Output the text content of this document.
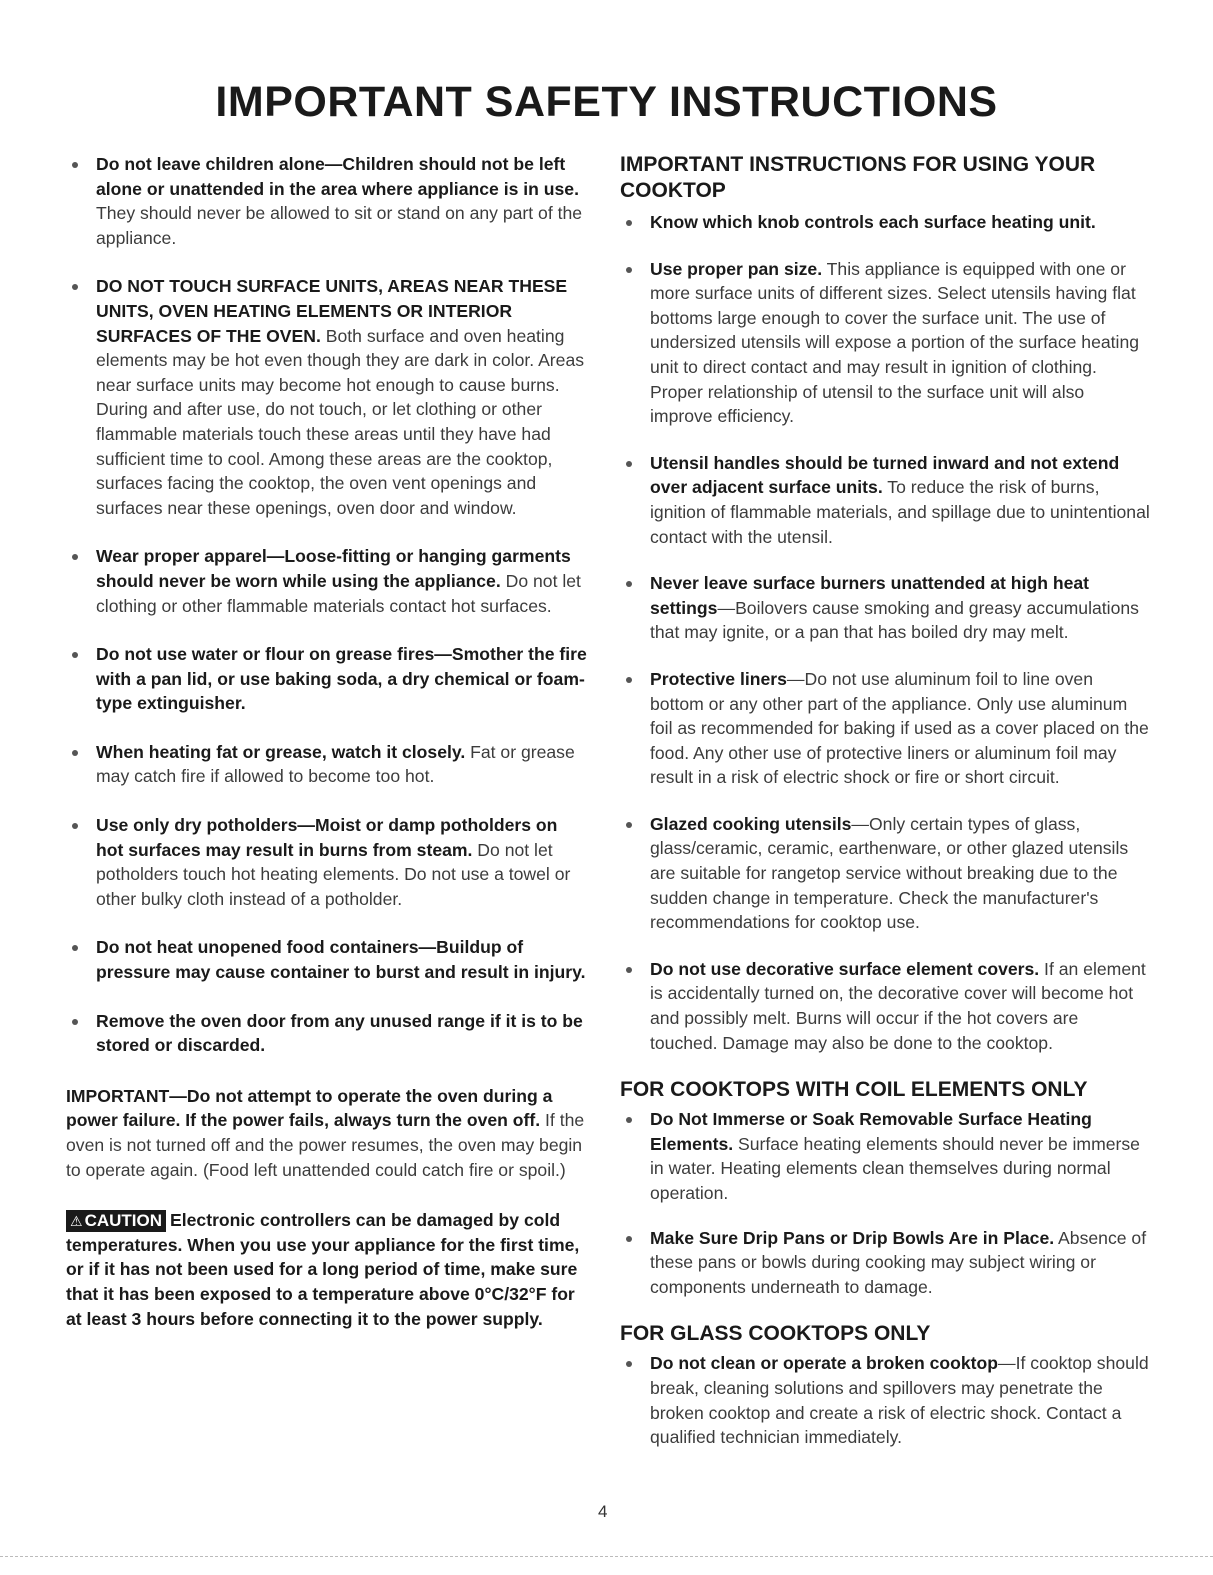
IMPORTANT SAFETY INSTRUCTIONS
Do not leave children alone—Children should not be left alone or unattended in the area where appliance is in use. They should never be allowed to sit or stand on any part of the appliance.
DO NOT TOUCH SURFACE UNITS, AREAS NEAR THESE UNITS, OVEN HEATING ELEMENTS OR INTERIOR SURFACES OF THE OVEN. Both surface and oven heating elements may be hot even though they are dark in color. Areas near surface units may become hot enough to cause burns. During and after use, do not touch, or let clothing or other flammable materials touch these areas until they have had sufficient time to cool. Among these areas are the cooktop, surfaces facing the cooktop, the oven vent openings and surfaces near these openings, oven door and window.
Wear proper apparel—Loose-fitting or hanging garments should never be worn while using the appliance. Do not let clothing or other flammable materials contact hot surfaces.
Do not use water or flour on grease fires—Smother the fire with a pan lid, or use baking soda, a dry chemical or foam-type extinguisher.
When heating fat or grease, watch it closely. Fat or grease may catch fire if allowed to become too hot.
Use only dry potholders—Moist or damp potholders on hot surfaces may result in burns from steam. Do not let potholders touch hot heating elements. Do not use a towel or other bulky cloth instead of a potholder.
Do not heat unopened food containers—Buildup of pressure may cause container to burst and result in injury.
Remove the oven door from any unused range if it is to be stored or discarded.
IMPORTANT—Do not attempt to operate the oven during a power failure. If the power fails, always turn the oven off. If the oven is not turned off and the power resumes, the oven may begin to operate again. (Food left unattended could catch fire or spoil.)
⚠ CAUTION Electronic controllers can be damaged by cold temperatures. When you use your appliance for the first time, or if it has not been used for a long period of time, make sure that it has been exposed to a temperature above 0°C/32°F for at least 3 hours before connecting it to the power supply.
IMPORTANT INSTRUCTIONS FOR USING YOUR COOKTOP
Know which knob controls each surface heating unit.
Use proper pan size. This appliance is equipped with one or more surface units of different sizes. Select utensils having flat bottoms large enough to cover the surface unit. The use of undersized utensils will expose a portion of the surface heating unit to direct contact and may result in ignition of clothing. Proper relationship of utensil to the surface unit will also improve efficiency.
Utensil handles should be turned inward and not extend over adjacent surface units. To reduce the risk of burns, ignition of flammable materials, and spillage due to unintentional contact with the utensil.
Never leave surface burners unattended at high heat settings—Boilovers cause smoking and greasy accumulations that may ignite, or a pan that has boiled dry may melt.
Protective liners—Do not use aluminum foil to line oven bottom or any other part of the appliance. Only use aluminum foil as recommended for baking if used as a cover placed on the food. Any other use of protective liners or aluminum foil may result in a risk of electric shock or fire or short circuit.
Glazed cooking utensils—Only certain types of glass, glass/ceramic, ceramic, earthenware, or other glazed utensils are suitable for rangetop service without breaking due to the sudden change in temperature. Check the manufacturer's recommendations for cooktop use.
Do not use decorative surface element covers. If an element is accidentally turned on, the decorative cover will become hot and possibly melt. Burns will occur if the hot covers are touched. Damage may also be done to the cooktop.
FOR COOKTOPS WITH COIL ELEMENTS ONLY
Do Not Immerse or Soak Removable Surface Heating Elements. Surface heating elements should never be immerse in water. Heating elements clean themselves during normal operation.
Make Sure Drip Pans or Drip Bowls Are in Place. Absence of these pans or bowls during cooking may subject wiring or components underneath to damage.
FOR GLASS COOKTOPS ONLY
Do not clean or operate a broken cooktop—If cooktop should break, cleaning solutions and spillovers may penetrate the broken cooktop and create a risk of electric shock. Contact a qualified technician immediately.
4
